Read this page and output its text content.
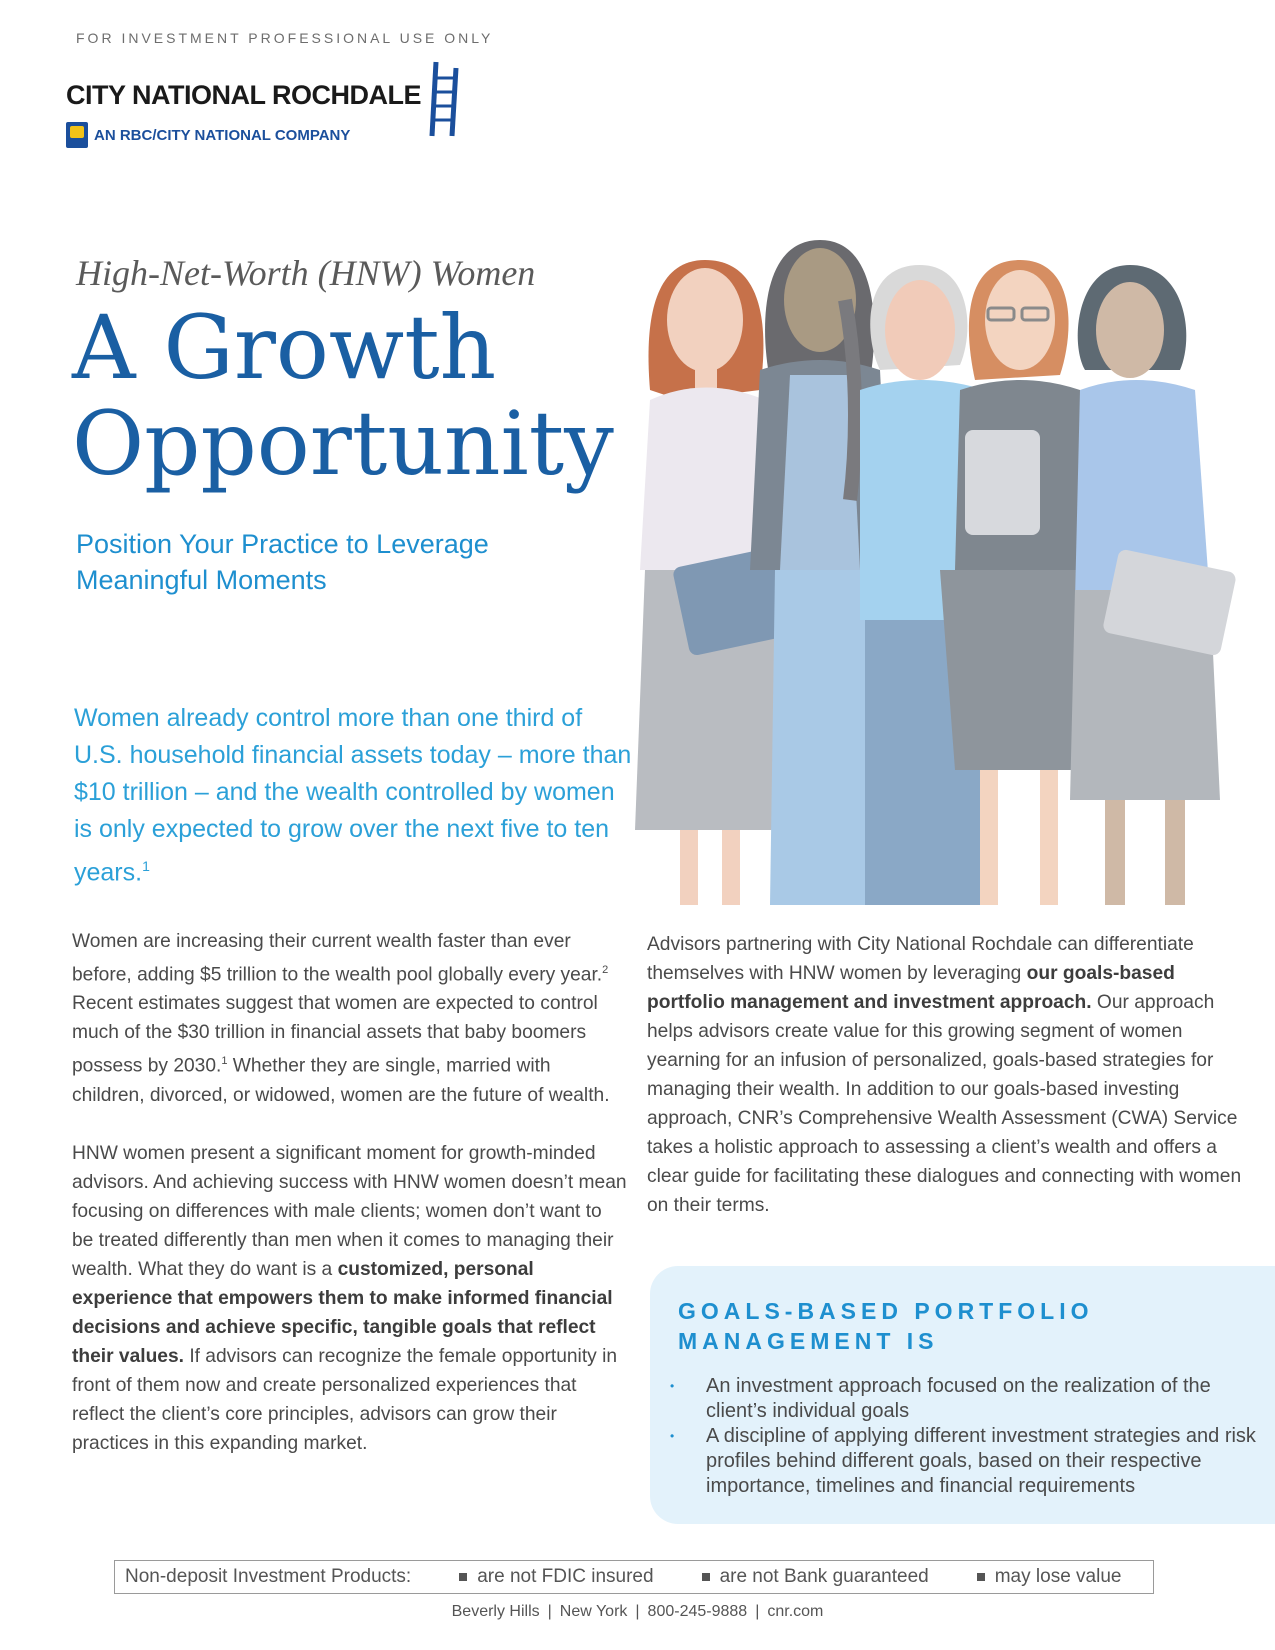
FOR INVESTMENT PROFESSIONAL USE ONLY
CITY NATIONAL ROCHDALE
AN RBC/CITY NATIONAL COMPANY
High-Net-Worth (HNW) Women
A Growth
Opportunity
Position Your Practice to Leverage
Meaningful Moments
Women already control more than one third of U.S. household financial assets today – more than $10 trillion – and the wealth controlled by women is only expected to grow over the next five to ten years.$^1$

Women are increasing their current wealth faster than ever before, adding $5 trillion to the wealth pool globally every year.$^2$ Recent estimates suggest that women are expected to control much of the $30 trillion in financial assets that baby boomers possess by 2030.$^1$ Whether they are single, married with children, divorced, or widowed, women are the future of wealth.

HNW women present a significant moment for growth-minded advisors. And achieving success with HNW women doesn’t mean focusing on differences with male clients; women don’t want to be treated differently than men when it comes to managing their wealth. What they do want is a customized, personal experience that empowers them to make informed financial decisions and achieve specific, tangible goals that reflect their values. If advisors can recognize the female opportunity in front of them now and create personalized experiences that reflect the client’s core principles, advisors can grow their practices in this expanding market.

Advisors partnering with City National Rochdale can differentiate themselves with HNW women by leveraging our goals-based portfolio management and investment approach. Our approach helps advisors create value for this growing segment of women yearning for an infusion of personalized, goals-based strategies for managing their wealth. In addition to our goals-based investing approach, CNR’s Comprehensive Wealth Assessment (CWA) Service takes a holistic approach to assessing a client’s wealth and offers a clear guide for facilitating these dialogues and connecting with women on their terms.

GOALS-BASED PORTFOLIO
MANAGEMENT IS
• An investment approach focused on the realization of the client’s individual goals
• A discipline of applying different investment strategies and risk profiles behind different goals, based on their respective importance, timelines and financial requirements
Non-deposit Investment Products:	are not FDIC insured	are not Bank guaranteed	may lose value
Beverly Hills | New York | 800-245-9888 | cnr.com
